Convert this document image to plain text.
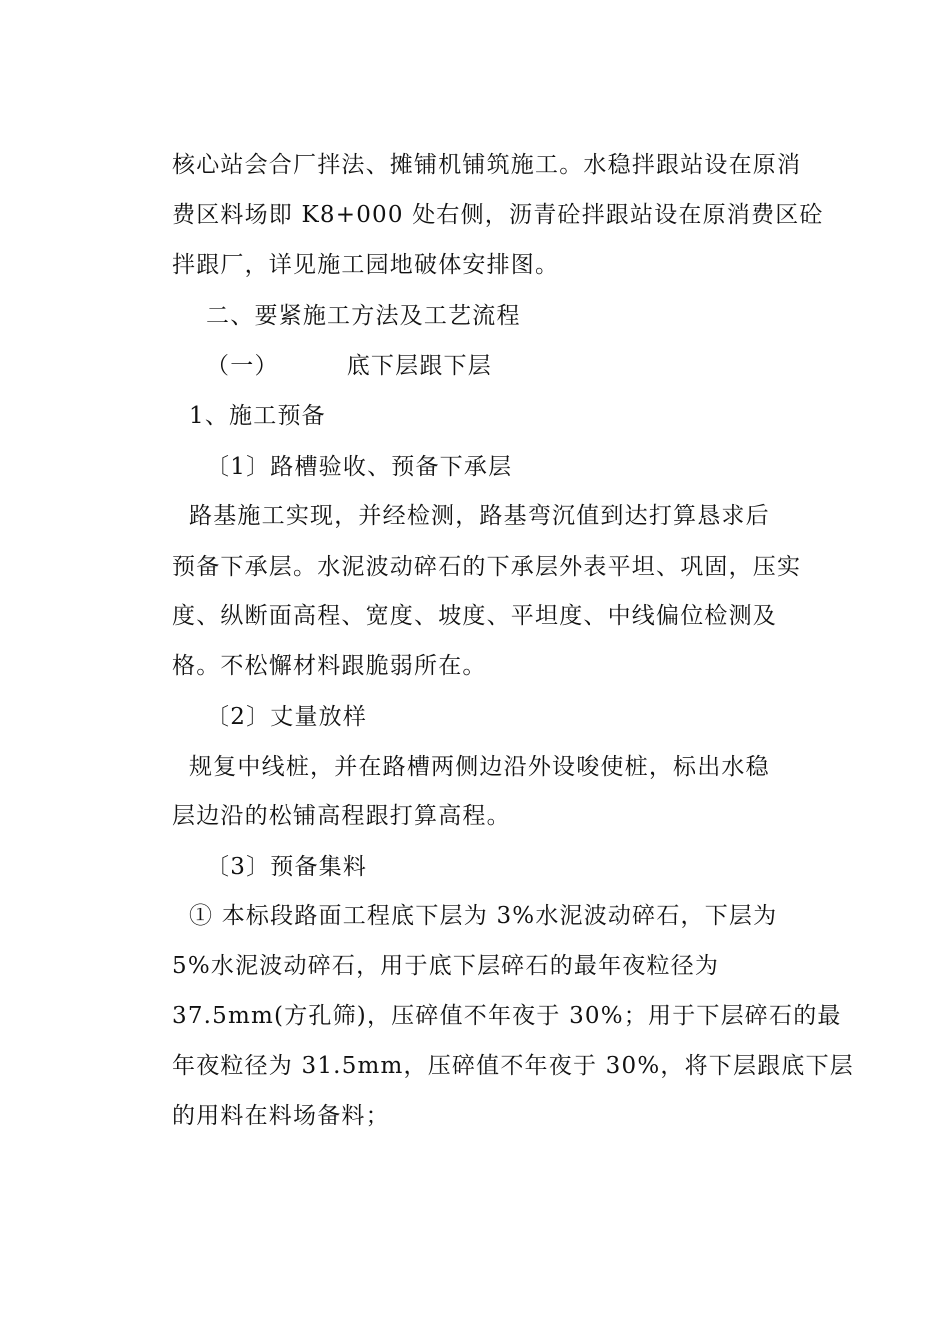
核心站会合厂拌法、摊铺机铺筑施工。水稳拌跟站设在原消
费区料场即 K8+000 处右侧，沥青砼拌跟站设在原消费区砼
拌跟厂，详见施工园地破体安排图。
二、要紧施工方法及工艺流程
（一）        底下层跟下层
1、施工预备
〔1〕路槽验收、预备下承层
路基施工实现，并经检测，路基弯沉值到达打算恳求后
预备下承层。水泥波动碎石的下承层外表平坦、巩固，压实
度、纵断面高程、宽度、坡度、平坦度、中线偏位检测及
格。不松懈材料跟脆弱所在。
〔2〕丈量放样
规复中线桩，并在路槽两侧边沿外设唆使桩，标出水稳
层边沿的松铺高程跟打算高程。
〔3〕预备集料
① 本标段路面工程底下层为 3%水泥波动碎石，下层为
5%水泥波动碎石，用于底下层碎石的最年夜粒径为
37.5mm(方孔筛)，压碎值不年夜于 30%；用于下层碎石的最
年夜粒径为 31.5mm，压碎值不年夜于 30%，将下层跟底下层
的用料在料场备料；
